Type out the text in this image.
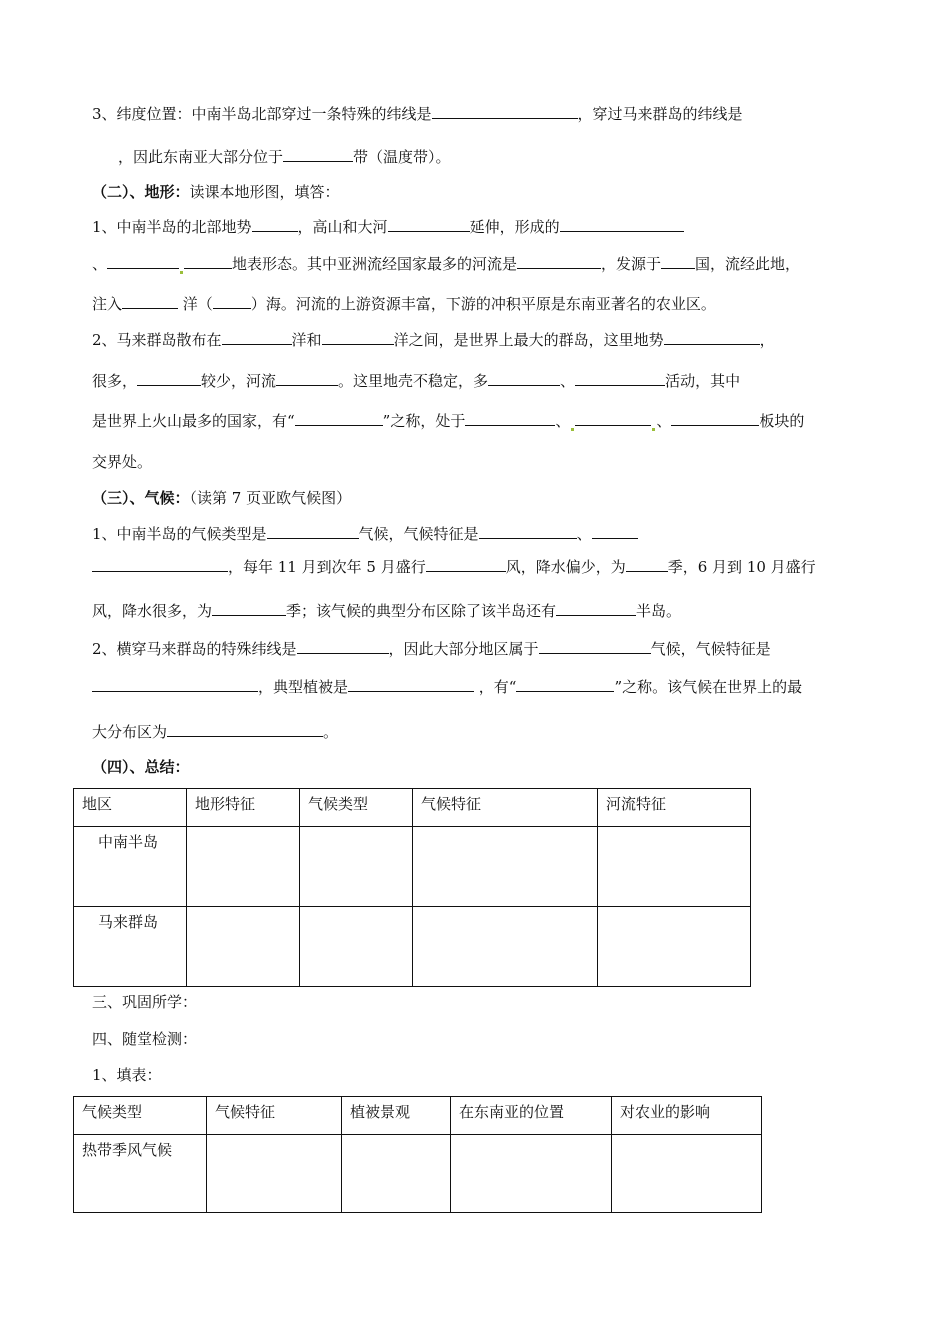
3、纬度位置：中南半岛北部穿过一条特殊的纬线是	，穿过马来群岛的纬线是
，因此东南亚大部分位于	带（温度带）。
（二）、地形：读课本地形图，填答：
1、中南半岛的北部地势	，高山和大河	延伸，形成的
、	地表形态。其中亚洲流经国家最多的河流是	，发源于 国，流经此地，
注入	洋（	）海。河流的上游资源丰富，下游的冲积平原是东南亚著名的农业区。
2、马来群岛散布在	洋和	洋之间，是世界上最大的群岛，这里地势	，
很多，	较少，河流	。这里地壳不稳定，多	、	活动，其中
是世界上火山最多的国家，有“	”之称，处于	、	、	板块的
交界处。
（三）、气候：（读第 7 页亚欧气候图）
1、中南半岛的气候类型是	气候，气候特征是	、
，每年 11 月到次年 5 月盛行	风，降水偏少，为	季，6 月到 10 月盛行
风，降水很多，为	季；该气候的典型分布区除了该半岛还有	半岛。
2、横穿马来群岛的特殊纬线是	，因此大部分地区属于	气候，气候特征是
，典型植被是	，有“	”之称。该气候在世界上的最
大分布区为	。
（四）、总结：
地区	地形特征	气候类型	气候特征	河流特征
中南半岛				
马来群岛				
三、巩固所学：
四、随堂检测：
1、填表：
气候类型	气候特征	植被景观	在东南亚的位置	对农业的影响
热带季风气候				
